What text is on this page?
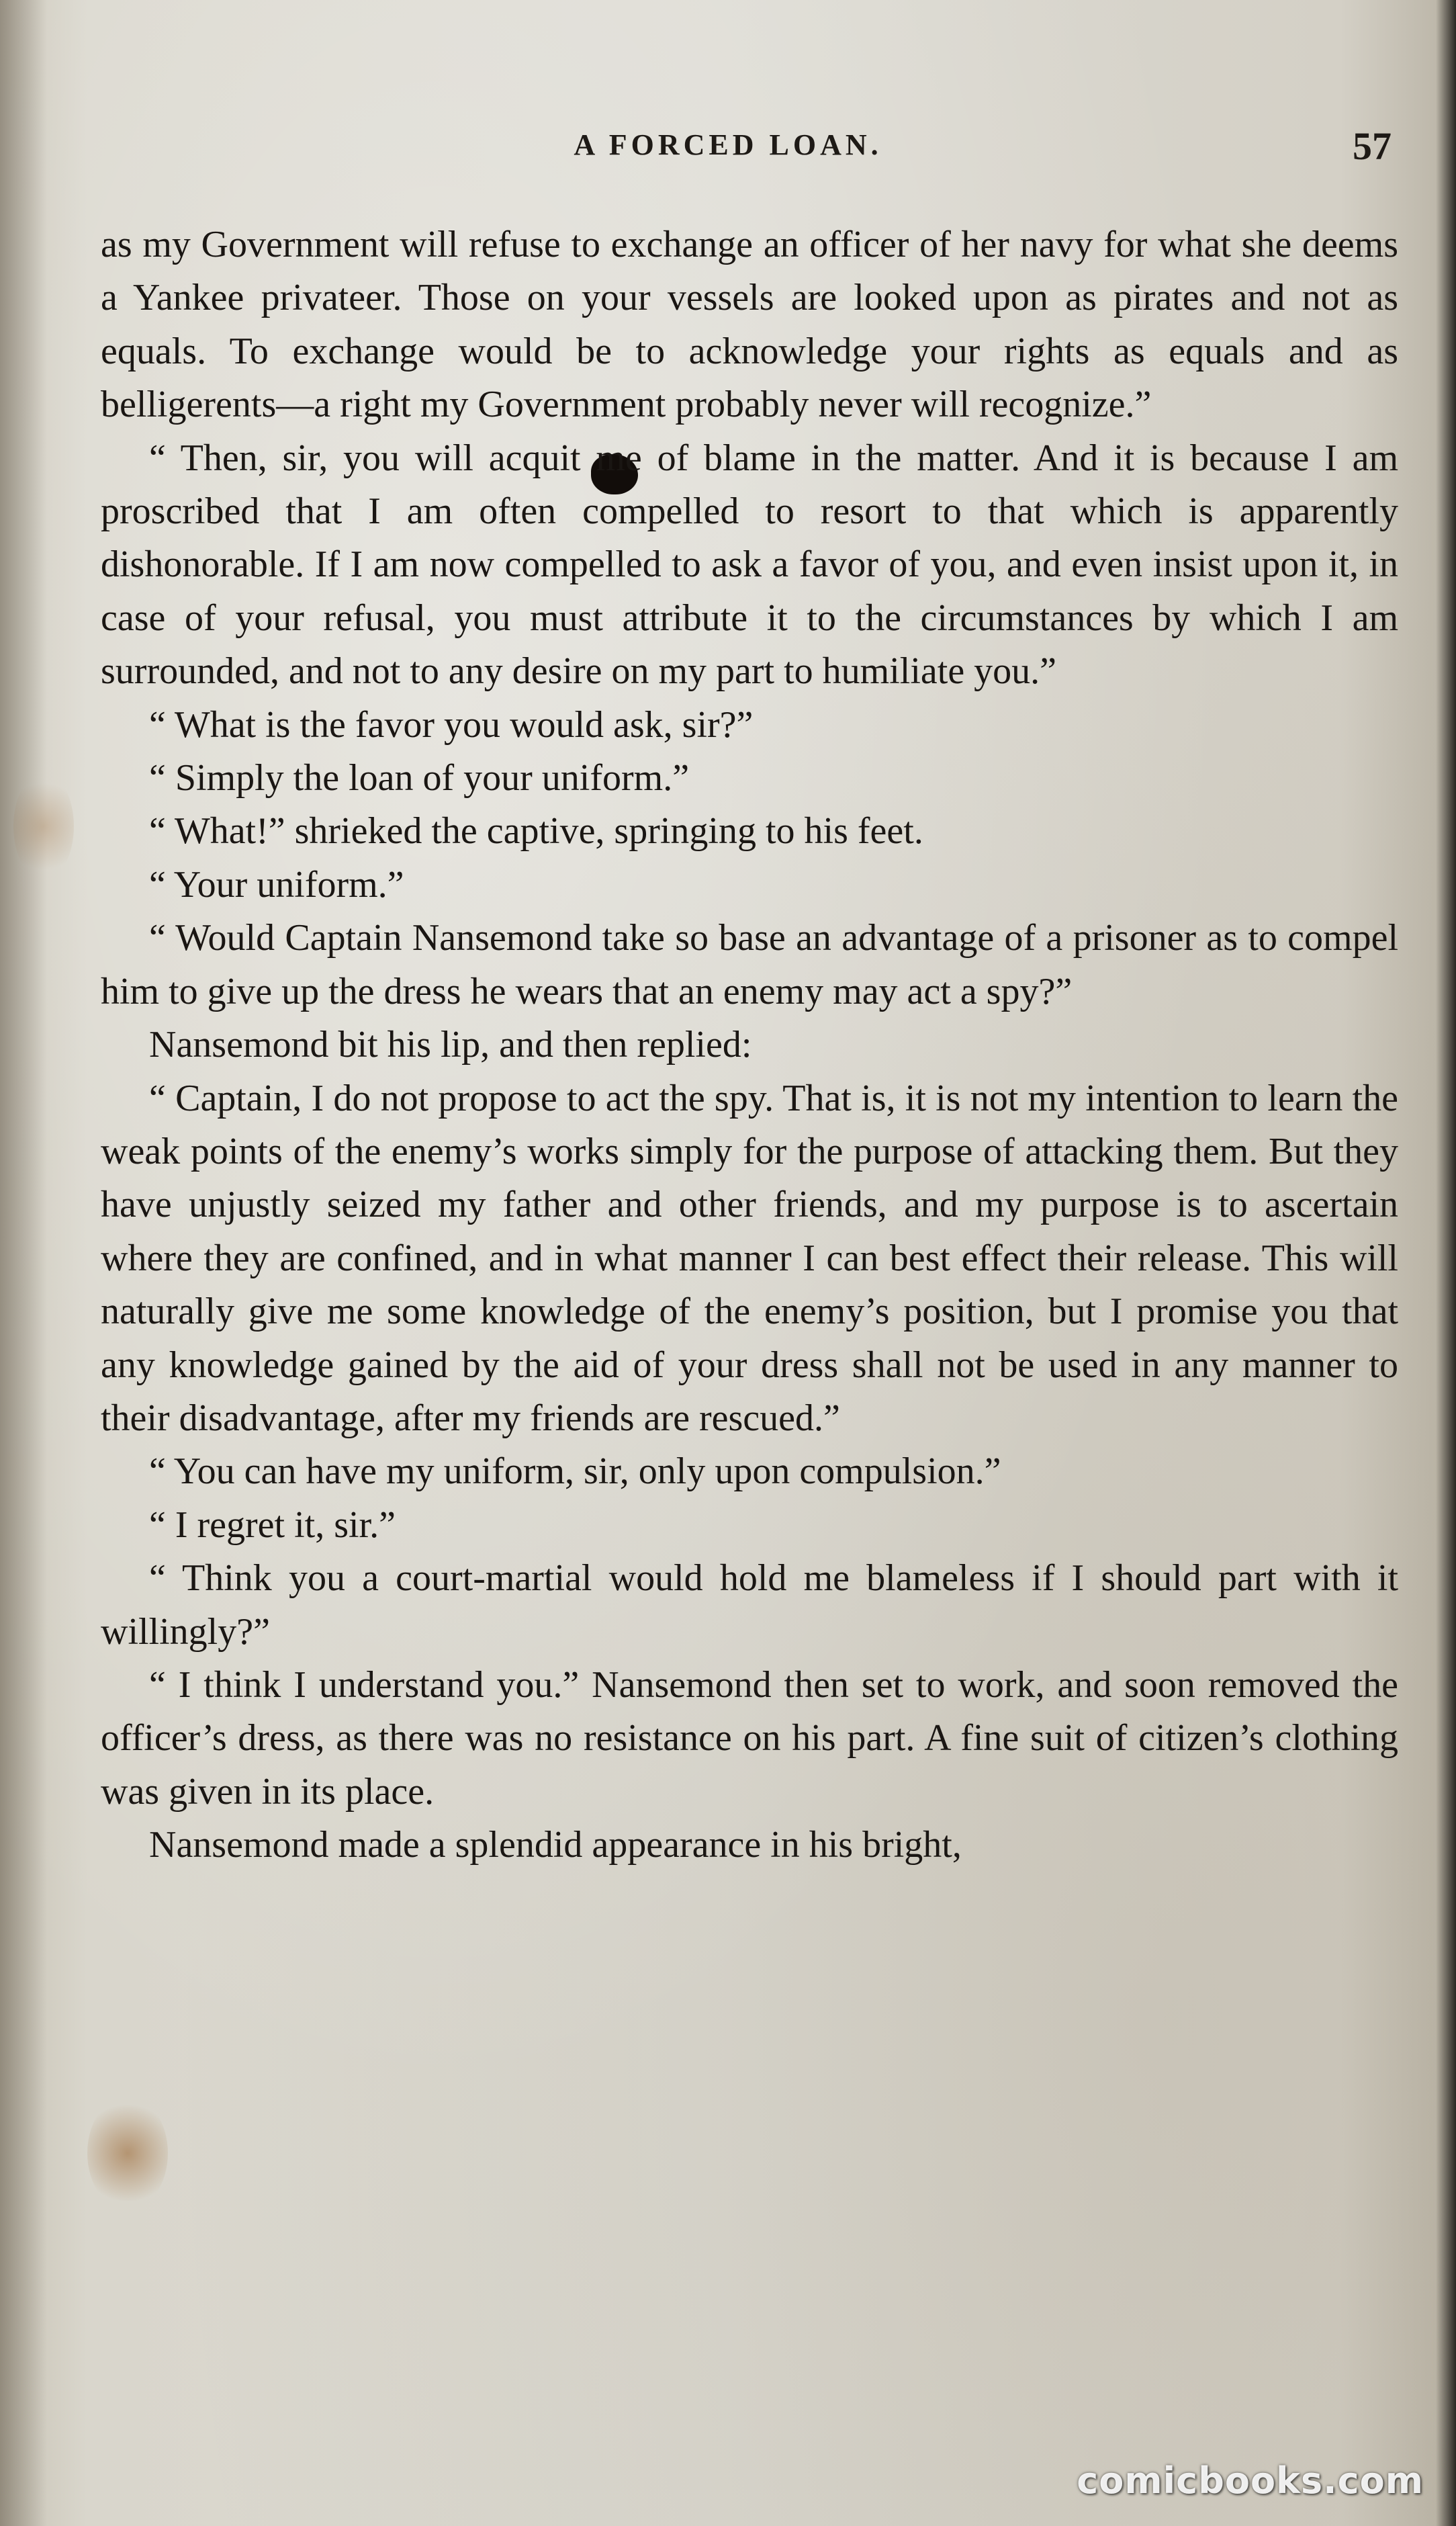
A FORCED LOAN.	57

as my Government will refuse to exchange an officer of her navy for what she deems a Yankee privateer. Those on your vessels are looked upon as pirates and not as equals. To exchange would be to acknowledge your rights as equals and as belligerents—a right my Government probably never will recognize.”

“ Then, sir, you will acquit me of blame in the matter. And it is because I am proscribed that I am often compelled to resort to that which is apparently dishonorable. If I am now compelled to ask a favor of you, and even insist upon it, in case of your refusal, you must attribute it to the circumstances by which I am surrounded, and not to any desire on my part to humiliate you.”

“ What is the favor you would ask, sir?”

“ Simply the loan of your uniform.”

“ What!” shrieked the captive, springing to his feet.

“ Your uniform.”

“ Would Captain Nansemond take so base an advantage of a prisoner as to compel him to give up the dress he wears that an enemy may act a spy?”

Nansemond bit his lip, and then replied:

“ Captain, I do not propose to act the spy. That is, it is not my intention to learn the weak points of the enemy’s works simply for the purpose of attacking them. But they have unjustly seized my father and other friends, and my purpose is to ascertain where they are confined, and in what manner I can best effect their release. This will naturally give me some knowledge of the enemy’s position, but I promise you that any knowledge gained by the aid of your dress shall not be used in any manner to their disadvantage, after my friends are rescued.”

“ You can have my uniform, sir, only upon compulsion.”

“ I regret it, sir.”

“ Think you a court-martial would hold me blameless if I should part with it willingly?”

“ I think I understand you.” Nansemond then set to work, and soon removed the officer’s dress, as there was no resistance on his part. A fine suit of citizen’s clothing was given in its place.

Nansemond made a splendid appearance in his bright,

comicbooks.com
